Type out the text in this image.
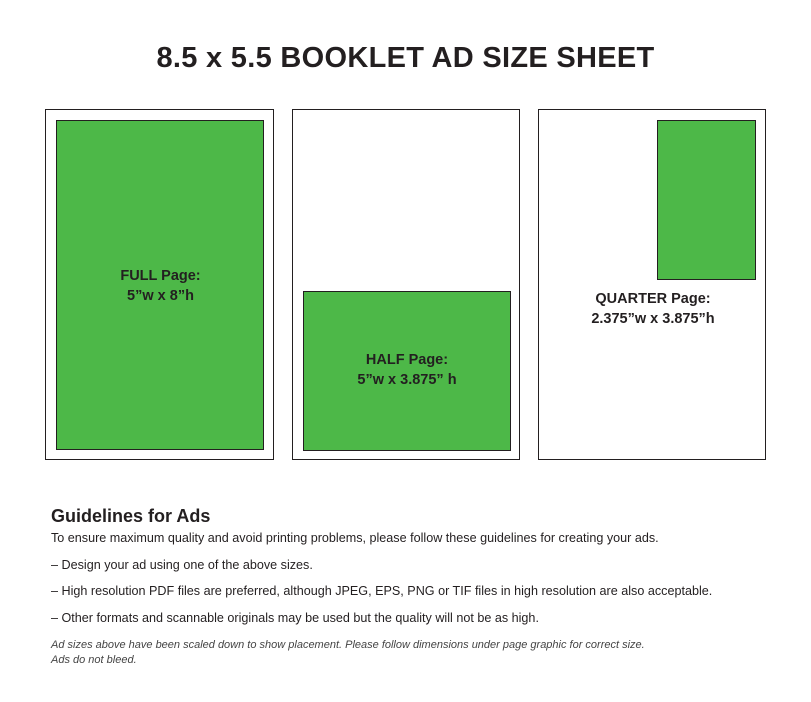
8.5 x 5.5 BOOKLET AD SIZE SHEET
FULL Page:
5”w x 8”h
HALF Page:
5”w x 3.875” h
QUARTER Page:
2.375”w x 3.875”h
Guidelines for Ads
To ensure maximum quality and avoid printing problems, please follow these guidelines for creating your ads.
– Design your ad using one of the above sizes.
– High resolution PDF files are preferred, although JPEG, EPS, PNG or TIF files in high resolution are also acceptable.
– Other formats and scannable originals may be used but the quality will not be as high.
Ad sizes above have been scaled down to show placement. Please follow dimensions under page graphic for correct size.
Ads do not bleed.
